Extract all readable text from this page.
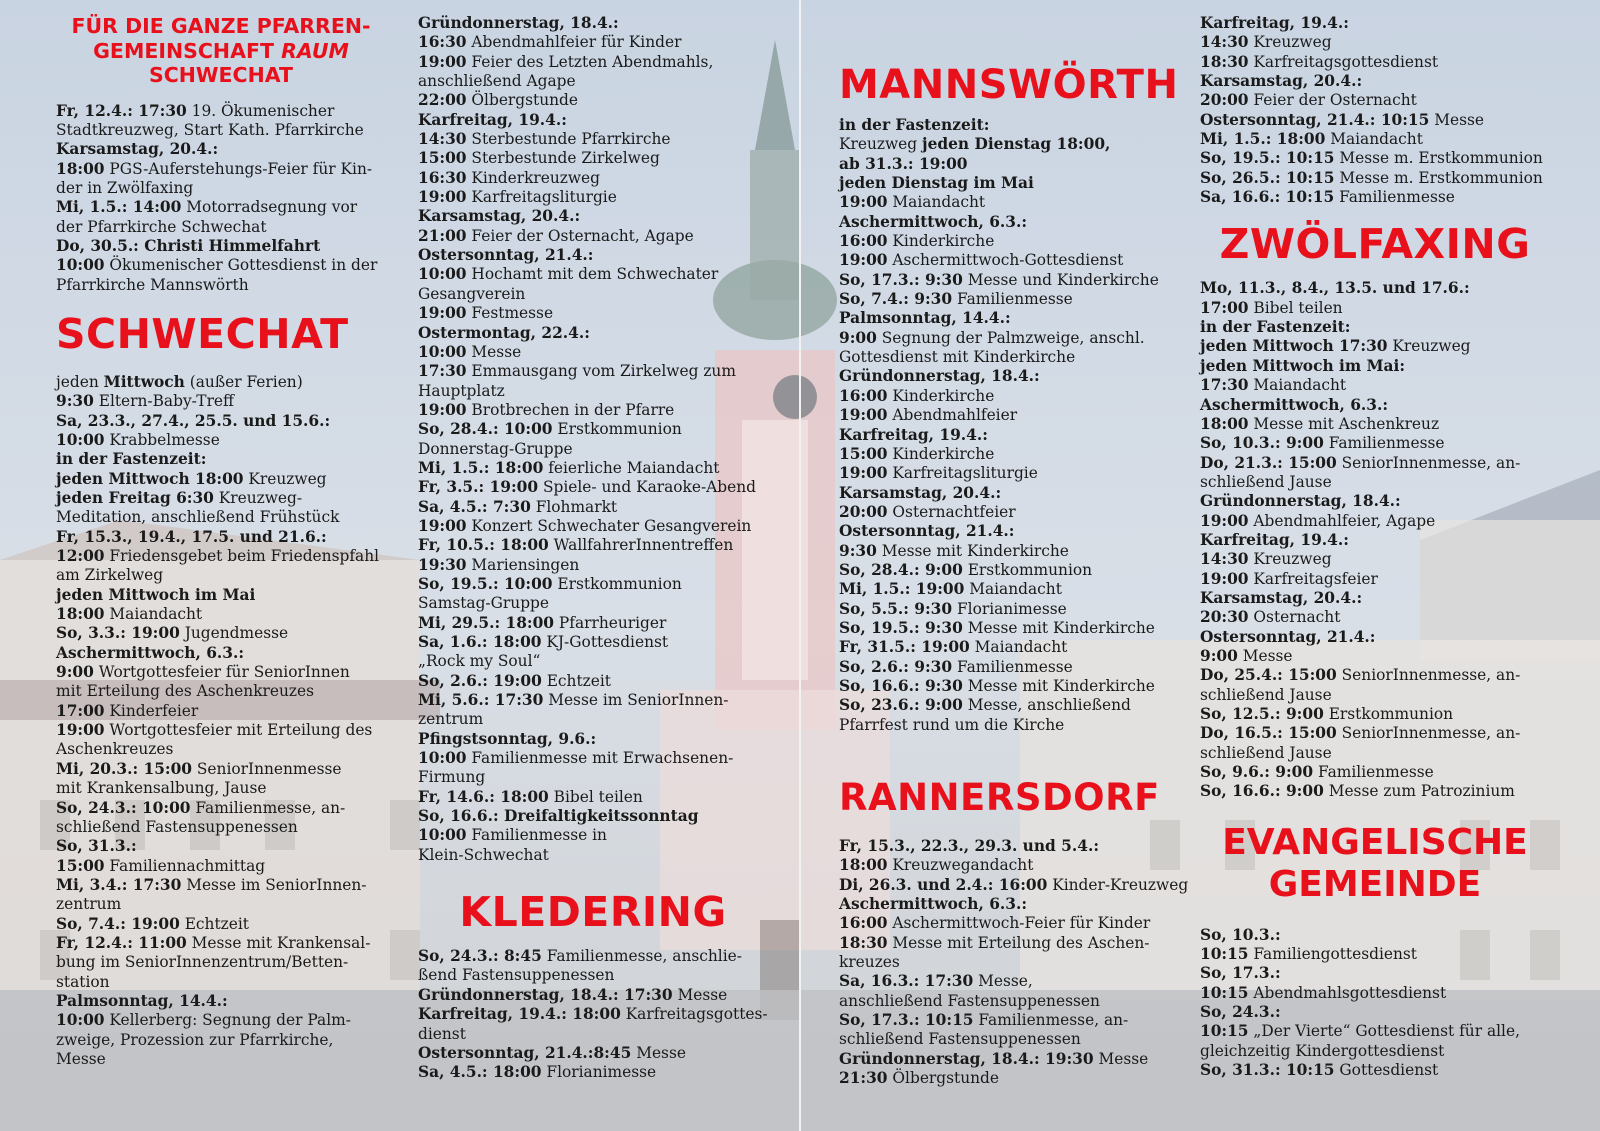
FÜR DIE GANZE PFARREN-
GEMEINSCHAFT RAUM
SCHWECHAT

Fr, 12.4.: 17:30 19. Ökumenischer

Stadtkreuzweg, Start Kath. Pfarrkirche

Karsamstag, 20.4.:

18:00 PGS-Auferstehungs-Feier für Kin-

der in Zwölfaxing

Mi, 1.5.: 14:00 Motorradsegnung vor

der Pfarrkirche Schwechat

Do, 30.5.: Christi Himmelfahrt

10:00 Ökumenischer Gottesdienst in der

Pfarrkirche Mannswörth

SCHWECHAT

jeden Mittwoch (außer Ferien)

9:30 Eltern-Baby-Treff

Sa, 23.3., 27.4., 25.5. und 15.6.:

10:00 Krabbelmesse

in der Fastenzeit:

jeden Mittwoch 18:00 Kreuzweg

jeden Freitag 6:30 Kreuzweg-

Meditation, anschließend Frühstück

Fr, 15.3., 19.4., 17.5. und 21.6.:

12:00 Friedensgebet beim Friedenspfahl

am Zirkelweg

jeden Mittwoch im Mai

18:00 Maiandacht

So, 3.3.: 19:00 Jugendmesse

Aschermittwoch, 6.3.:

9:00 Wortgottesfeier für SeniorInnen

mit Erteilung des Aschenkreuzes

17:00 Kinderfeier

19:00 Wortgottesfeier mit Erteilung des

Aschenkreuzes

Mi, 20.3.: 15:00 SeniorInnenmesse

mit Krankensalbung, Jause

So, 24.3.: 10:00 Familienmesse, an-

schließend Fastensuppenessen

So, 31.3.:

15:00 Familiennachmittag

Mi, 3.4.: 17:30 Messe im SeniorInnen-

zentrum

So, 7.4.: 19:00 Echtzeit

Fr, 12.4.: 11:00 Messe mit Krankensal-

bung im SeniorInnenzentrum/Betten-

station

Palmsonntag, 14.4.:

10:00 Kellerberg: Segnung der Palm-

zweige, Prozession zur Pfarrkirche,

Messe

Gründonnerstag, 18.4.:

16:30 Abendmahlfeier für Kinder

19:00 Feier des Letzten Abendmahls,

anschließend Agape

22:00 Ölbergstunde

Karfreitag, 19.4.:

14:30 Sterbestunde Pfarrkirche

15:00 Sterbestunde Zirkelweg

16:30 Kinderkreuzweg

19:00 Karfreitagsliturgie

Karsamstag, 20.4.:

21:00 Feier der Osternacht, Agape

Ostersonntag, 21.4.:

10:00 Hochamt mit dem Schwechater

Gesangverein

19:00 Festmesse

Ostermontag, 22.4.:

10:00 Messe

17:30 Emmausgang vom Zirkelweg zum

Hauptplatz

19:00 Brotbrechen in der Pfarre

So, 28.4.: 10:00 Erstkommunion

Donnerstag-Gruppe

Mi, 1.5.: 18:00 feierliche Maiandacht

Fr, 3.5.: 19:00 Spiele- und Karaoke-Abend

Sa, 4.5.: 7:30 Flohmarkt

19:00 Konzert Schwechater Gesangverein

Fr, 10.5.: 18:00 WallfahrerInnentreffen

19:30 Mariensingen

So, 19.5.: 10:00 Erstkommunion

Samstag-Gruppe

Mi, 29.5.: 18:00 Pfarrheuriger

Sa, 1.6.: 18:00 KJ-Gottesdienst

„Rock my Soul“

So, 2.6.: 19:00 Echtzeit

Mi, 5.6.: 17:30 Messe im SeniorInnen-

zentrum

Pfingstsonntag, 9.6.:

10:00 Familienmesse mit Erwachsenen-

Firmung

Fr, 14.6.: 18:00 Bibel teilen

So, 16.6.: Dreifaltigkeitssonntag

10:00 Familienmesse in

Klein-Schwechat

KLEDERING

So, 24.3.: 8:45 Familienmesse, anschlie-

ßend Fastensuppenessen

Gründonnerstag, 18.4.: 17:30 Messe

Karfreitag, 19.4.: 18:00 Karfreitagsgottes-

dienst

Ostersonntag, 21.4.:8:45 Messe

Sa, 4.5.: 18:00 Florianimesse

MANNSWÖRTH

in der Fastenzeit:

Kreuzweg jeden Dienstag 18:00,

ab 31.3.: 19:00

jeden Dienstag im Mai

19:00 Maiandacht

Aschermittwoch, 6.3.:

16:00 Kinderkirche

19:00 Aschermittwoch-Gottesdienst

So, 17.3.: 9:30 Messe und Kinderkirche

So, 7.4.: 9:30 Familienmesse

Palmsonntag, 14.4.:

9:00 Segnung der Palmzweige, anschl.

Gottesdienst mit Kinderkirche

Gründonnerstag, 18.4.:

16:00 Kinderkirche

19:00 Abendmahlfeier

Karfreitag, 19.4.:

15:00 Kinderkirche

19:00 Karfreitagsliturgie

Karsamstag, 20.4.:

20:00 Osternachtfeier

Ostersonntag, 21.4.:

9:30 Messe mit Kinderkirche

So, 28.4.: 9:00 Erstkommunion

Mi, 1.5.: 19:00 Maiandacht

So, 5.5.: 9:30 Florianimesse

So, 19.5.: 9:30 Messe mit Kinderkirche

Fr, 31.5.: 19:00 Maiandacht

So, 2.6.: 9:30 Familienmesse

So, 16.6.: 9:30 Messe mit Kinderkirche

So, 23.6.: 9:00 Messe, anschließend

Pfarrfest rund um die Kirche

RANNERSDORF

Fr, 15.3., 22.3., 29.3. und 5.4.:

18:00 Kreuzwegandacht

Di, 26.3. und 2.4.: 16:00 Kinder-Kreuzweg

Aschermittwoch, 6.3.:

16:00 Aschermittwoch-Feier für Kinder

18:30 Messe mit Erteilung des Aschen-

kreuzes

Sa, 16.3.: 17:30 Messe,

anschließend Fastensuppenessen

So, 17.3.: 10:15 Familienmesse, an-

schließend Fastensuppenessen

Gründonnerstag, 18.4.: 19:30 Messe

21:30 Ölbergstunde

Karfreitag, 19.4.:

14:30 Kreuzweg

18:30 Karfreitagsgottesdienst

Karsamstag, 20.4.:

20:00 Feier der Osternacht

Ostersonntag, 21.4.: 10:15 Messe

Mi, 1.5.: 18:00 Maiandacht

So, 19.5.: 10:15 Messe m. Erstkommunion

So, 26.5.: 10:15 Messe m. Erstkommunion

Sa, 16.6.: 10:15 Familienmesse

ZWÖLFAXING

Mo, 11.3., 8.4., 13.5. und 17.6.:

17:00 Bibel teilen

in der Fastenzeit:

jeden Mittwoch 17:30 Kreuzweg

jeden Mittwoch im Mai:

17:30 Maiandacht

Aschermittwoch, 6.3.:

18:00 Messe mit Aschenkreuz

So, 10.3.: 9:00 Familienmesse

Do, 21.3.: 15:00 SeniorInnenmesse, an-

schließend Jause

Gründonnerstag, 18.4.:

19:00 Abendmahlfeier, Agape

Karfreitag, 19.4.:

14:30 Kreuzweg

19:00 Karfreitagsfeier

Karsamstag, 20.4.:

20:30 Osternacht

Ostersonntag, 21.4.:

9:00 Messe

Do, 25.4.: 15:00 SeniorInnenmesse, an-

schließend Jause

So, 12.5.: 9:00 Erstkommunion

Do, 16.5.: 15:00 SeniorInnenmesse, an-

schließend Jause

So, 9.6.: 9:00 Familienmesse

So, 16.6.: 9:00 Messe zum Patrozinium

EVANGELISCHE
GEMEINDE

So, 10.3.:

10:15 Familiengottesdienst

So, 17.3.:

10:15 Abendmahlsgottesdienst

So, 24.3.:

10:15 „Der Vierte“ Gottesdienst für alle,

gleichzeitig Kindergottesdienst

So, 31.3.: 10:15 Gottesdienst
